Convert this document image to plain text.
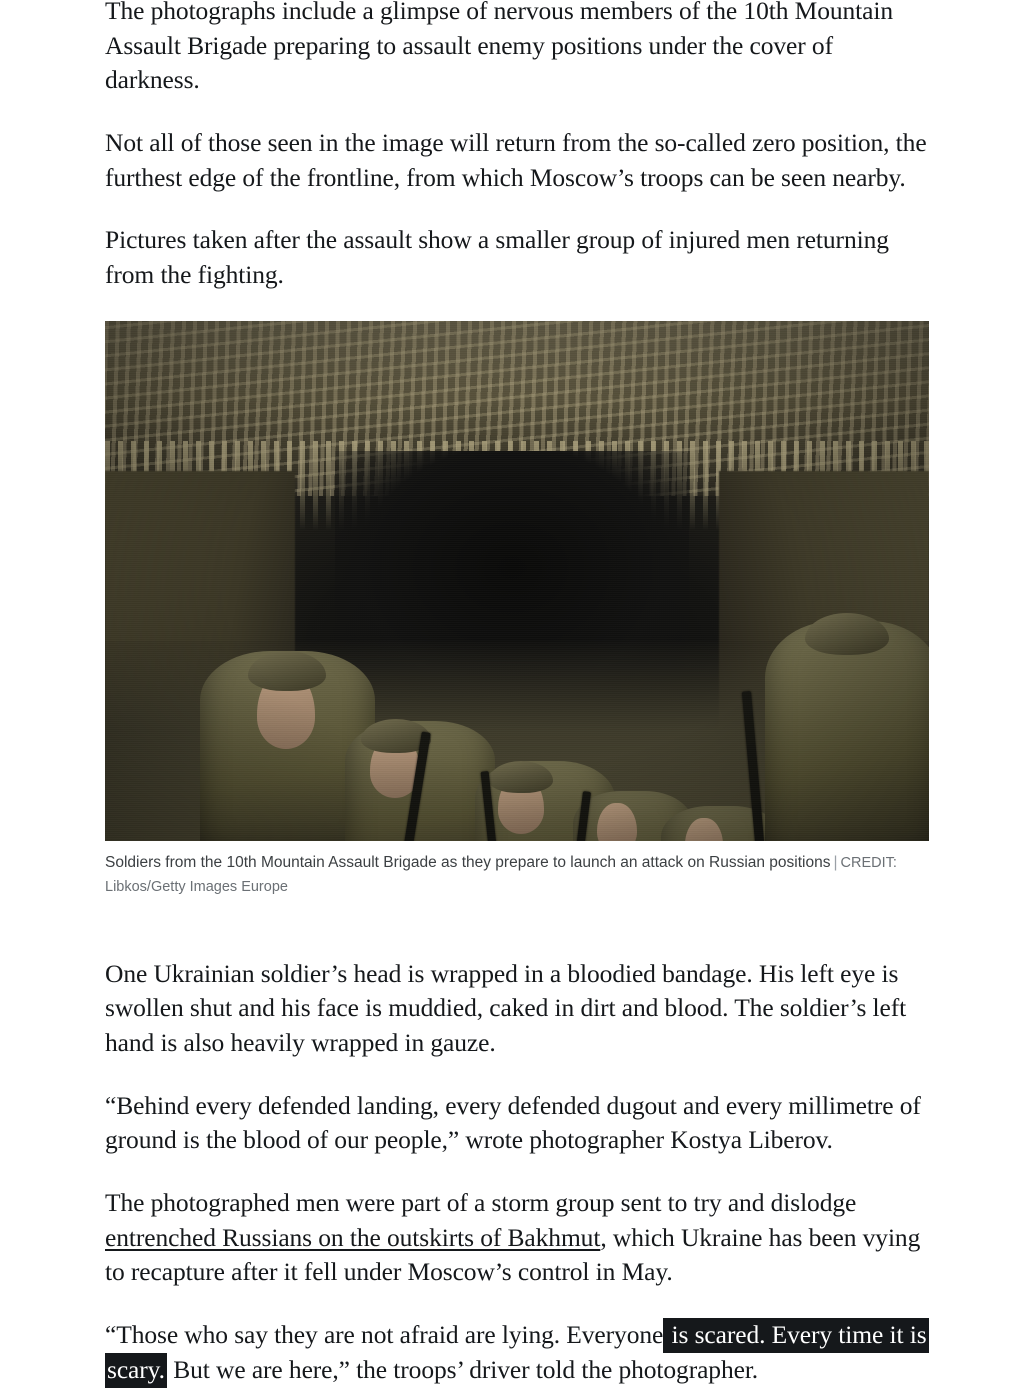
The photographs include a glimpse of nervous members of the 10th Mountain Assault Brigade preparing to assault enemy positions under the cover of darkness.

Not all of those seen in the image will return from the so-called zero position, the furthest edge of the frontline, from which Moscow’s troops can be seen nearby.

Pictures taken after the assault show a smaller group of injured men returning from the fighting.

Soldiers from the 10th Mountain Assault Brigade as they prepare to launch an attack on Russian positions | CREDIT: Libkos/Getty Images Europe

One Ukrainian soldier’s head is wrapped in a bloodied bandage. His left eye is swollen shut and his face is muddied, caked in dirt and blood. The soldier’s left hand is also heavily wrapped in gauze.

“Behind every defended landing, every defended dugout and every millimetre of ground is the blood of our people,” wrote photographer Kostya Liberov.

The photographed men were part of a storm group sent to try and dislodge entrenched Russians on the outskirts of Bakhmut, which Ukraine has been vying to recapture after it fell under Moscow’s control in May.

“Those who say they are not afraid are lying. Everyone is scared. Every time it is scary. But we are here,” the troops’ driver told the photographer.
